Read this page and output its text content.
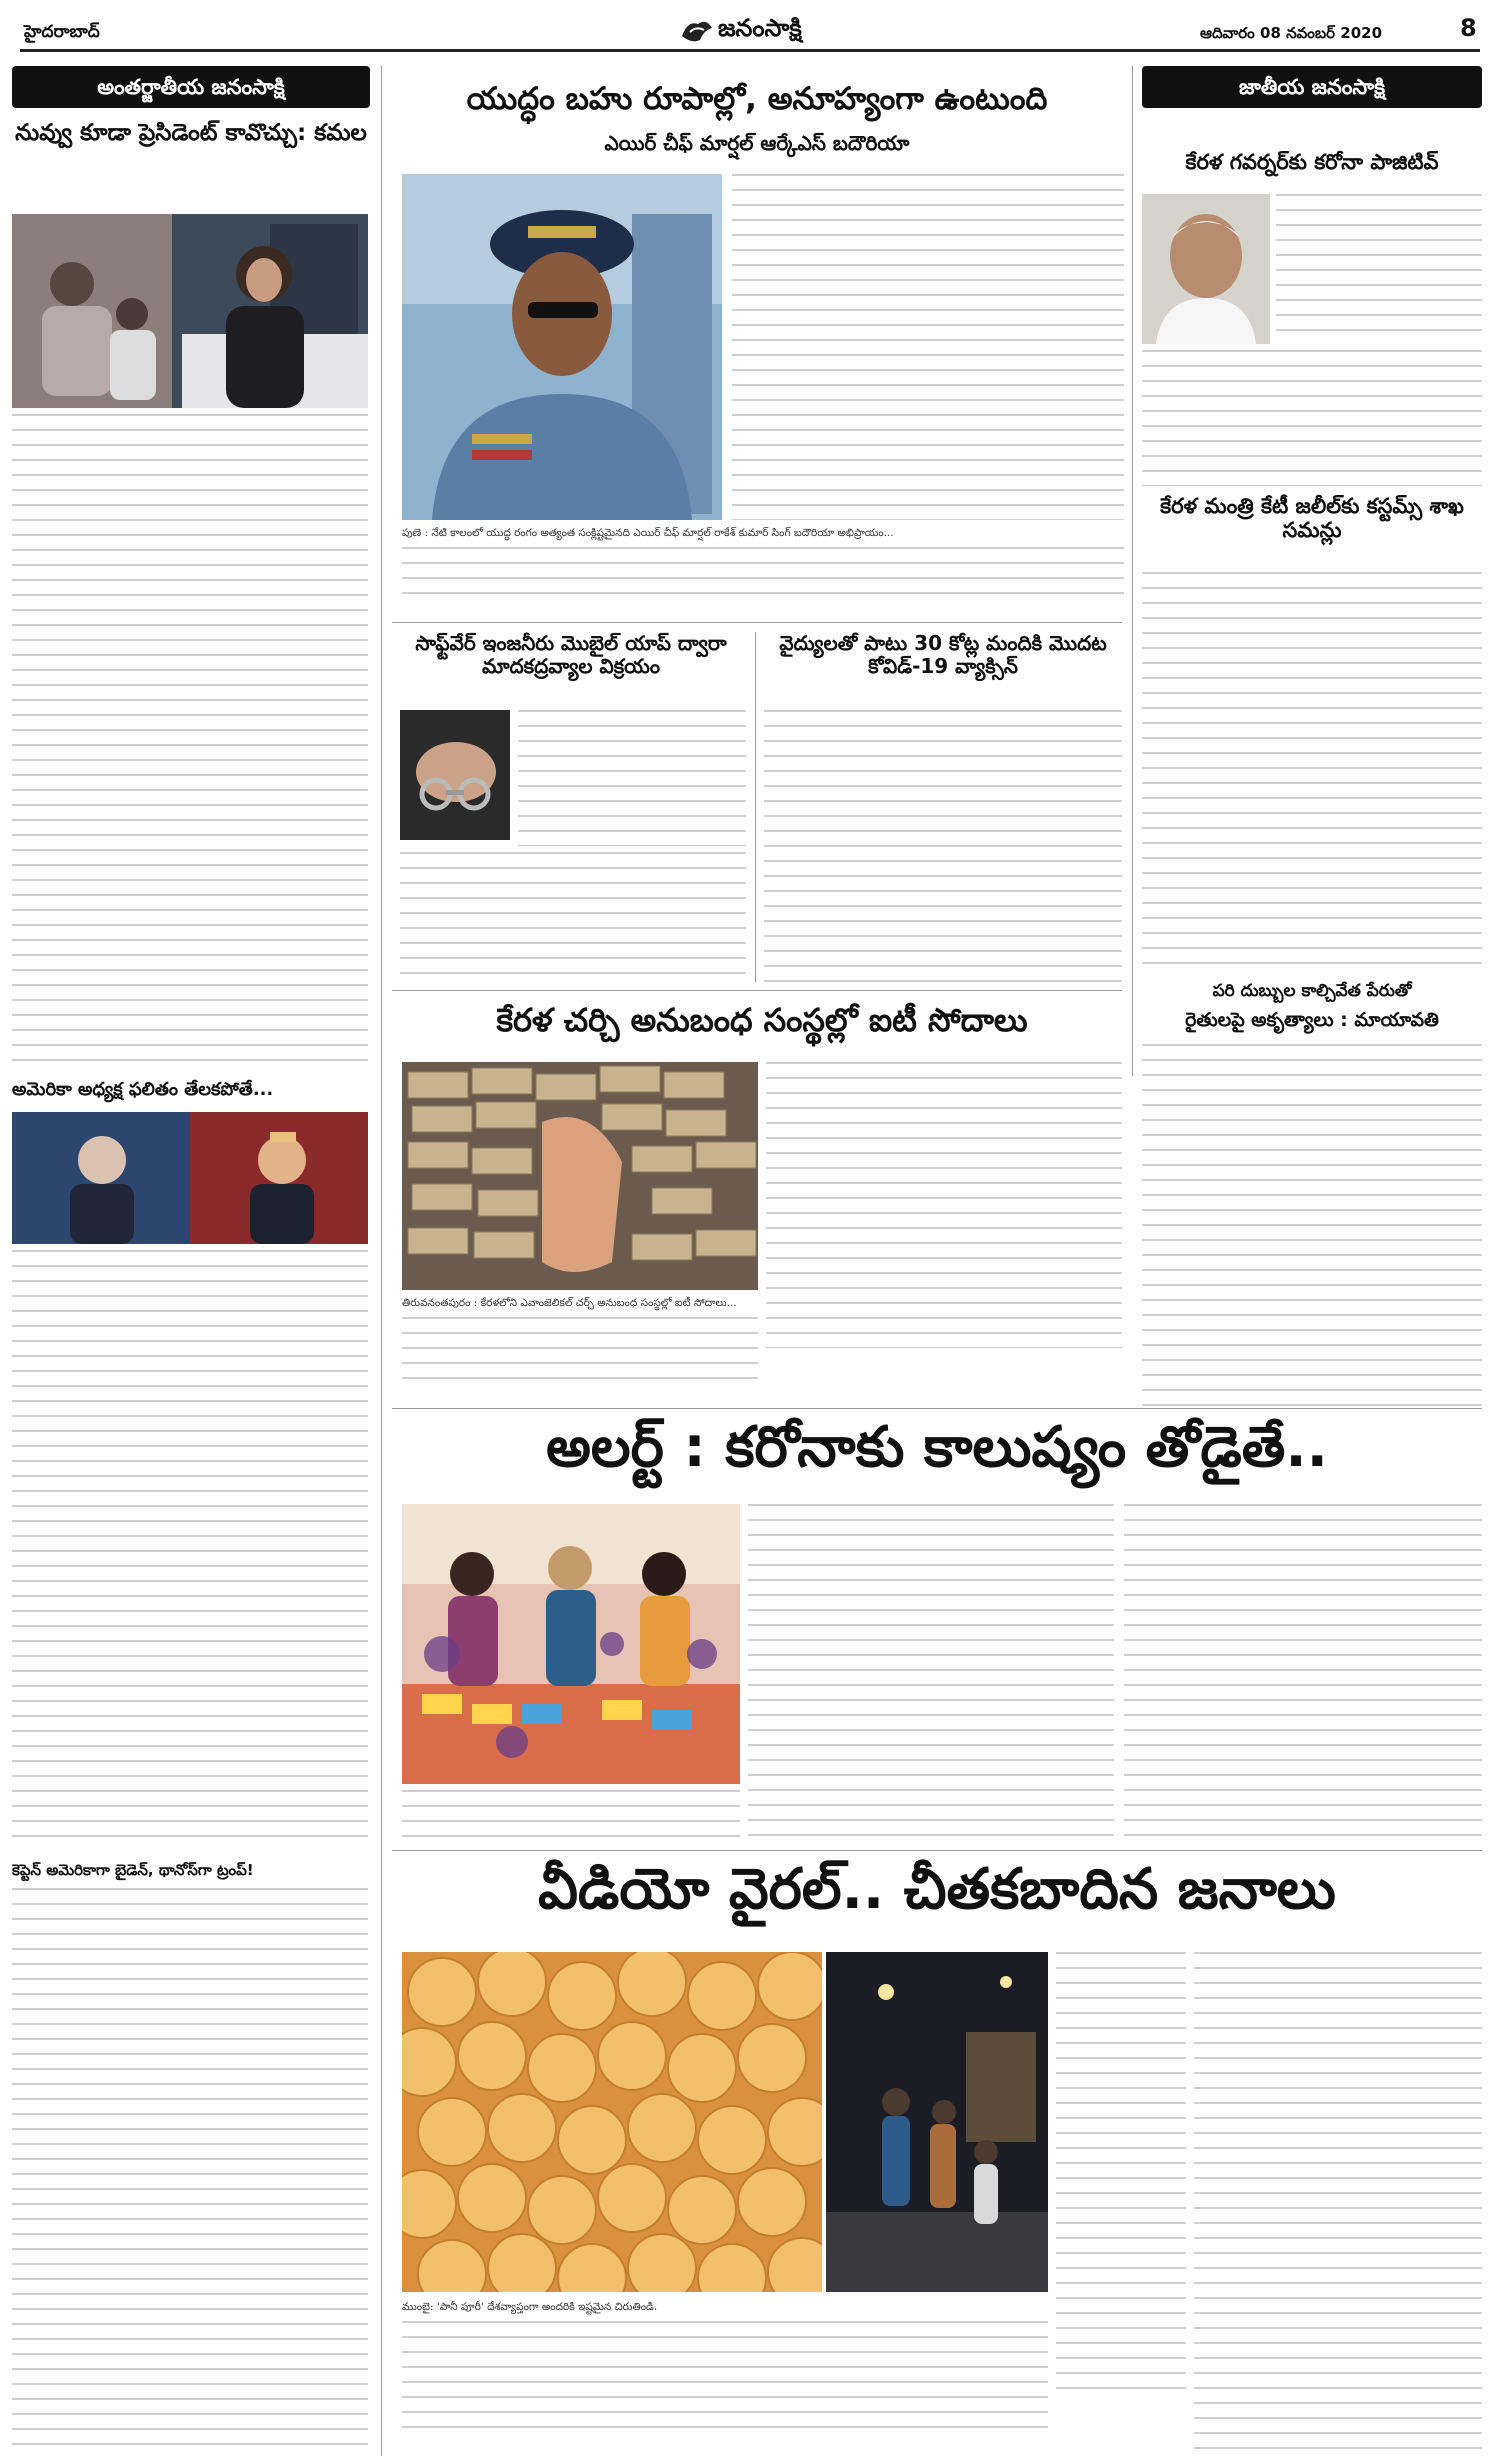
హైదరాబాద్	జనంసాక్షి	ఆదివారం 08 నవంబర్ 2020	8
అంతర్జాతీయ జనంసాక్షి
నువ్వు కూడా ప్రెసిడెంట్ కావొచ్చు: కమల
అమెరికా అధ్యక్ష ఫలితం తేలకపోతే...
కెప్టెన్ అమెరికాగా బైడెన్, థానోస్‌గా ట్రంప్!
యుద్ధం బహు రూపాల్లో, అనూహ్యంగా ఉంటుంది
ఎయిర్ చీఫ్ మార్షల్ ఆర్కేఎస్ బదౌరియా
పుణె : నేటి కాలంలో యుద్ధ రంగం అత్యంత సంక్లిష్టమైనది ఎయిర్ చీఫ్ మార్షల్ రాకేశ్ కుమార్ సింగ్ బదౌరియా అభిప్రాయం...
సాఫ్ట్‌వేర్ ఇంజనీరు మొబైల్ యాప్ ద్వారా మాదకద్రవ్యాల విక్రయం
వైద్యులతో పాటు 30 కోట్ల మందికి మొదట కోవిడ్-19 వ్యాక్సిన్
జాతీయ జనంసాక్షి
కేరళ గవర్నర్‌కు కరోనా పాజిటివ్
కేరళ మంత్రి కేటీ జలీల్‌కు కస్టమ్స్ శాఖ సమన్లు
పరి దుబ్బుల కాల్చివేత పేరుతో
రైతులపై అకృత్యాలు : మాయావతి
కేరళ చర్చి అనుబంధ సంస్థల్లో ఐటీ సోదాలు
తిరువనంతపురం : కేరళలోని ఎవాంజెలికల్ చర్చ్ అనుబంధ సంస్థల్లో ఐటీ సోదాలు...
అలర్ట్ : కరోనాకు కాలుష్యం తోడైతే..
వీడియో వైరల్.. చీతకబాదిన జనాలు
ముంబై: 'పానీ పూరీ' దేశవ్యాప్తంగా అందరికి ఇష్టమైన చిరుతిండి.
